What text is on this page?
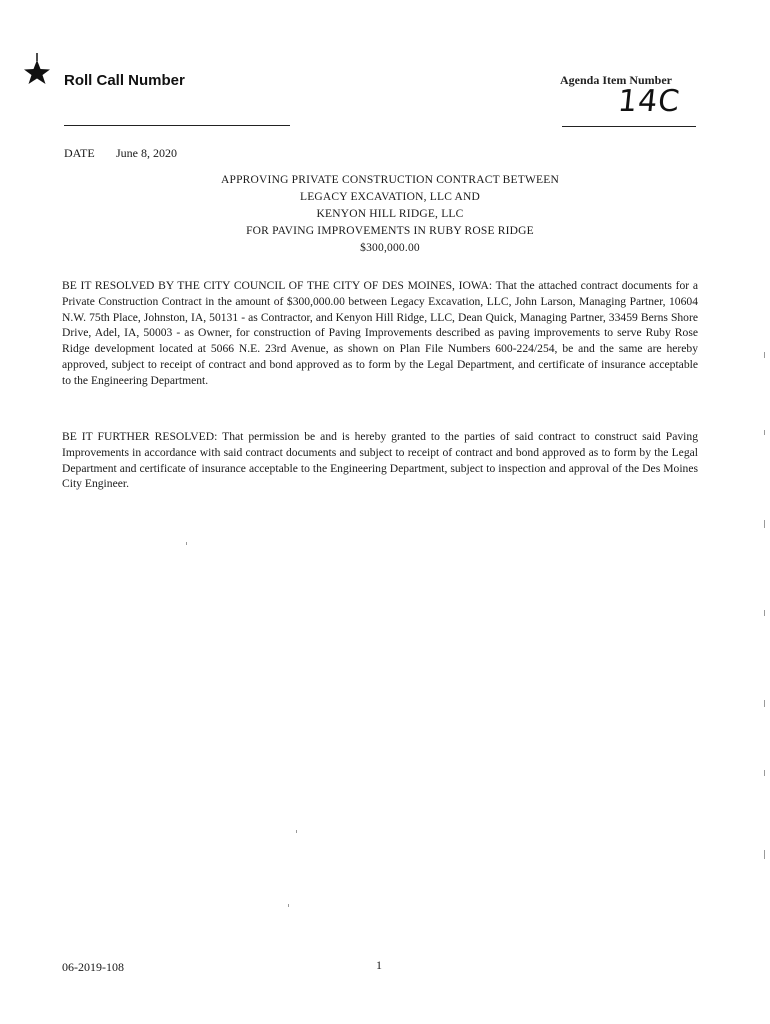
Roll Call Number	Agenda Item Number
14C
DATE June 8, 2020
APPROVING PRIVATE CONSTRUCTION CONTRACT BETWEEN
LEGACY EXCAVATION, LLC AND
KENYON HILL RIDGE, LLC
FOR PAVING IMPROVEMENTS IN RUBY ROSE RIDGE
$300,000.00
BE IT RESOLVED BY THE CITY COUNCIL OF THE CITY OF DES MOINES, IOWA: That the attached contract documents for a Private Construction Contract in the amount of $300,000.00 between Legacy Excavation, LLC, John Larson, Managing Partner, 10604 N.W. 75th Place, Johnston, IA, 50131 - as Contractor, and Kenyon Hill Ridge, LLC, Dean Quick, Managing Partner, 33459 Berns Shore Drive, Adel, IA, 50003 - as Owner, for construction of Paving Improvements described as paving improvements to serve Ruby Rose Ridge development located at 5066 N.E. 23rd Avenue, as shown on Plan File Numbers 600-224/254, be and the same are hereby approved, subject to receipt of contract and bond approved as to form by the Legal Department, and certificate of insurance acceptable to the Engineering Department.
BE IT FURTHER RESOLVED: That permission be and is hereby granted to the parties of said contract to construct said Paving Improvements in accordance with said contract documents and subject to receipt of contract and bond approved as to form by the Legal Department and certificate of insurance acceptable to the Engineering Department, subject to inspection and approval of the Des Moines City Engineer.
06-2019-108	1
